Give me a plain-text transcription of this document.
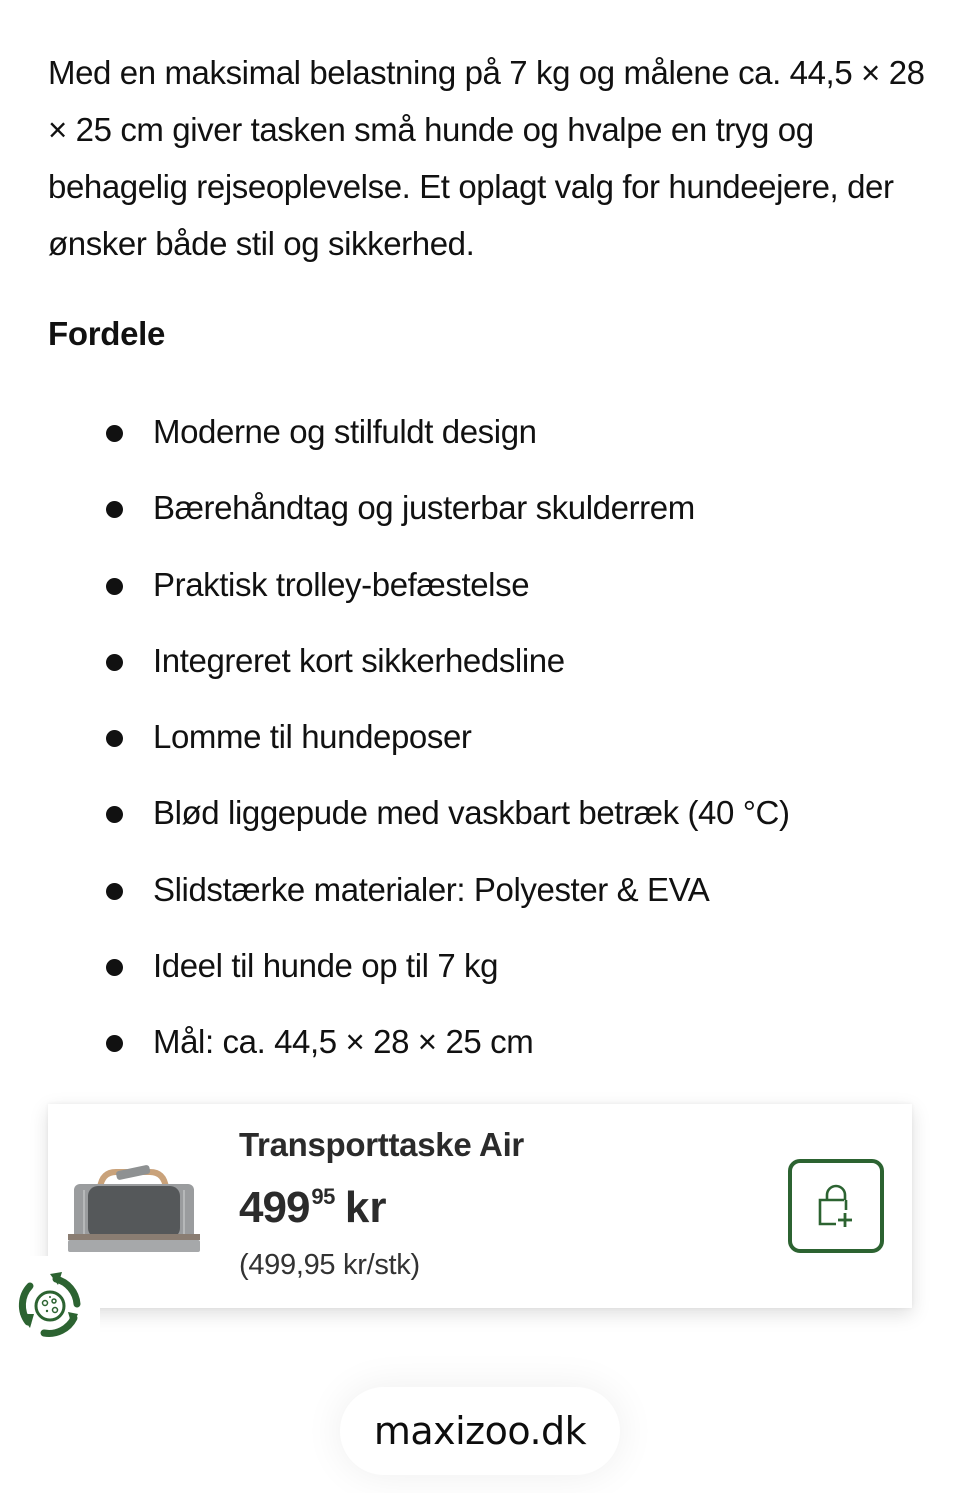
Med en maksimal belastning på 7 kg og målene ca. 44,5 × 28 × 25 cm giver tasken små hunde og hvalpe en tryg og behagelig rejseoplevelse. Et oplagt valg for hundeejere, der ønsker både stil og sikkerhed.
Fordele
Moderne og stilfuldt design
Bærehåndtag og justerbar skulderrem
Praktisk trolley-befæstelse
Integreret kort sikkerhedsline
Lomme til hundeposer
Blød liggepude med vaskbart betræk (40 °C)
Slidstærke materialer: Polyester & EVA
Ideel til hunde op til 7 kg
Mål: ca. 44,5 × 28 × 25 cm
Transporttaske Air
499 95 kr
(499,95 kr/stk)
maxizoo.dk
